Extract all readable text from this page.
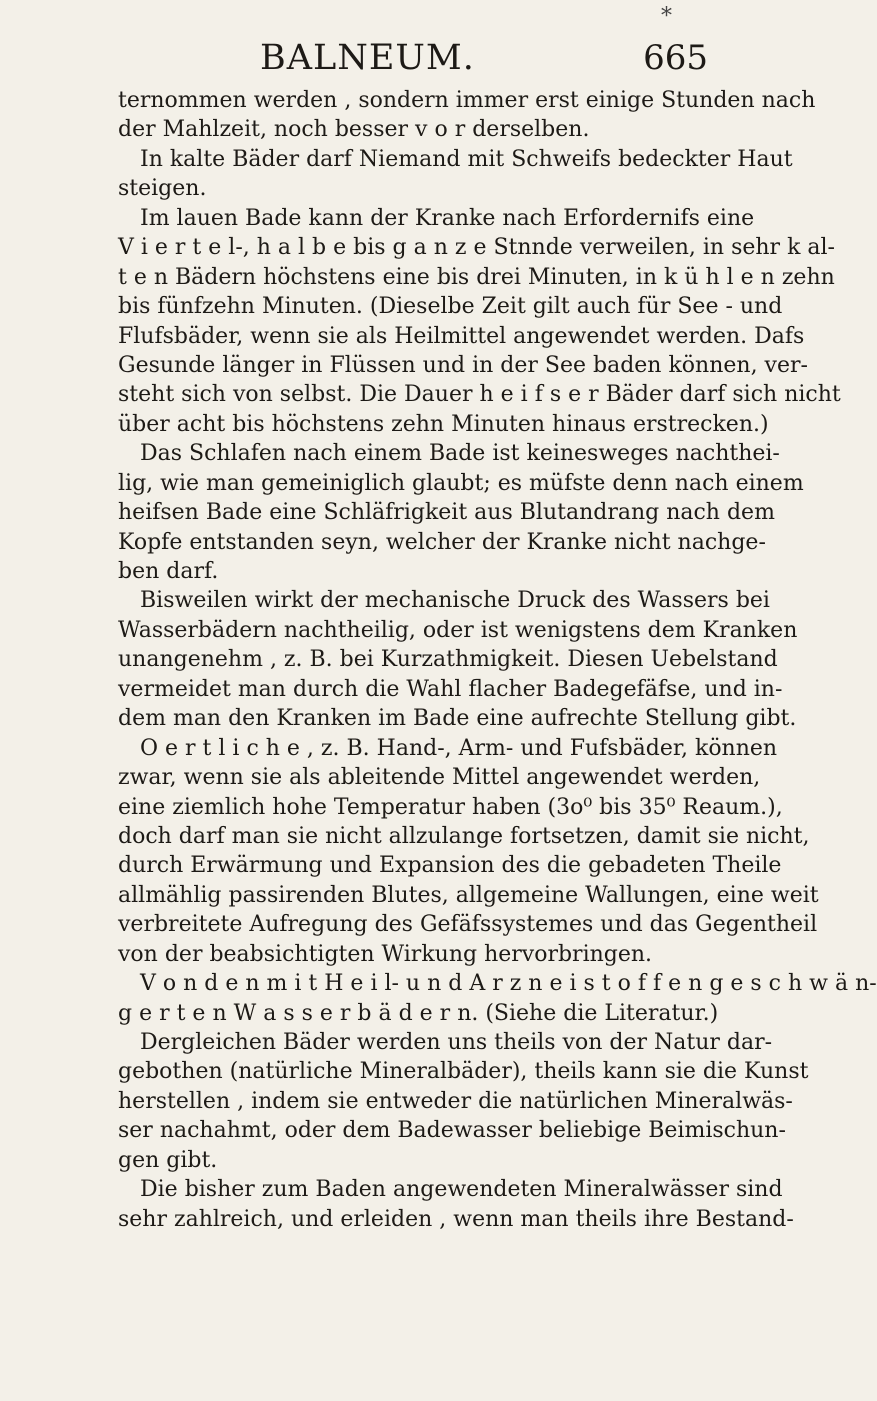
*
BALNEUM.	665
ternommen werden , sondern immer erst einige Stunden nach
der Mahlzeit, noch besser v o r derselben.
In kalte Bäder darf Niemand mit Schweifs bedeckter Haut
steigen.
Im lauen Bade kann der Kranke nach Erfordernifs eine
V i e r t e l-, h a l b e bis g a n z e Stnnde verweilen, in sehr k al-
t e n Bädern höchstens eine bis drei Minuten, in k ü h l e n zehn
bis fünfzehn Minuten. (Dieselbe Zeit gilt auch für See - und
Flufsbäder, wenn sie als Heilmittel angewendet werden. Dafs
Gesunde länger in Flüssen und in der See baden können, ver-
steht sich von selbst. Die Dauer h e i f s e r Bäder darf sich nicht
über acht bis höchstens zehn Minuten hinaus erstrecken.)
Das Schlafen nach einem Bade ist keinesweges nachthei-
lig, wie man gemeiniglich glaubt; es müfste denn nach einem
heifsen Bade eine Schläfrigkeit aus Blutandrang nach dem
Kopfe entstanden seyn, welcher der Kranke nicht nachge-
ben darf.
Bisweilen wirkt der mechanische Druck des Wassers bei
Wasserbädern nachtheilig, oder ist wenigstens dem Kranken
unangenehm , z. B. bei Kurzathmigkeit. Diesen Uebelstand
vermeidet man durch die Wahl flacher Badegefäfse, und in-
dem man den Kranken im Bade eine aufrechte Stellung gibt.
O e r t l i c h e , z. B. Hand-, Arm- und Fufsbäder, können
zwar, wenn sie als ableitende Mittel angewendet werden,
eine ziemlich hohe Temperatur haben (3o⁰ bis 35⁰ Reaum.),
doch darf man sie nicht allzulange fortsetzen, damit sie nicht,
durch Erwärmung und Expansion des die gebadeten Theile
allmählig passirenden Blutes, allgemeine Wallungen, eine weit
verbreitete Aufregung des Gefäfssystemes und das Gegentheil
von der beabsichtigten Wirkung hervorbringen.
V o n d e n m i t H e i l- u n d A r z n e i s t o f f e n g e s c h w ä n-
g e r t e n W a s s e r b ä d e r n. (Siehe die Literatur.)
Dergleichen Bäder werden uns theils von der Natur dar-
gebothen (natürliche Mineralbäder), theils kann sie die Kunst
herstellen , indem sie entweder die natürlichen Mineralwäs-
ser nachahmt, oder dem Badewasser beliebige Beimischun-
gen gibt.
Die bisher zum Baden angewendeten Mineralwässer sind
sehr zahlreich, und erleiden , wenn man theils ihre Bestand-
